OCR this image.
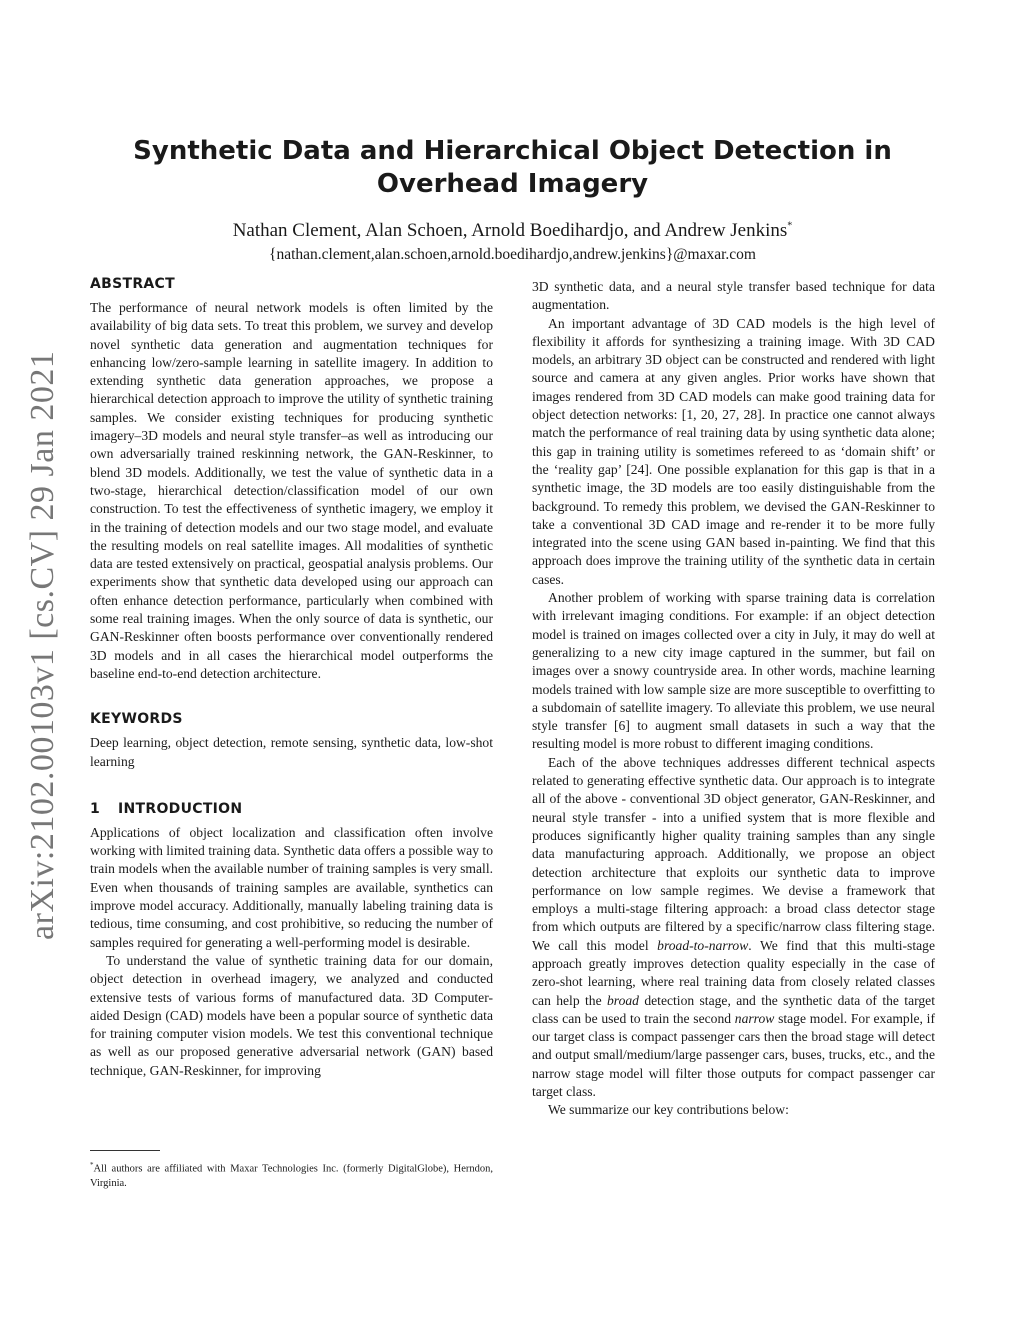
arXiv:2102.00103v1 [cs.CV] 29 Jan 2021
Synthetic Data and Hierarchical Object Detection in
Overhead Imagery
Nathan Clement, Alan Schoen, Arnold Boedihardjo, and Andrew Jenkins*
{nathan.clement,alan.schoen,arnold.boedihardjo,andrew.jenkins}@maxar.com
ABSTRACT

The performance of neural network models is often limited by the availability of big data sets. To treat this problem, we survey and develop novel synthetic data generation and augmentation techniques for enhancing low/zero-sample learning in satellite imagery. In addition to extending synthetic data generation approaches, we propose a hierarchical detection approach to improve the utility of synthetic training samples. We consider existing techniques for producing synthetic imagery–3D models and neural style transfer–as well as introducing our own adversarially trained reskinning network, the GAN-Reskinner, to blend 3D models. Additionally, we test the value of synthetic data in a two-stage, hierarchical detection/classification model of our own construction. To test the effectiveness of synthetic imagery, we employ it in the training of detection models and our two stage model, and evaluate the resulting models on real satellite images. All modalities of synthetic data are tested extensively on practical, geospatial analysis problems. Our experiments show that synthetic data developed using our approach can often enhance detection performance, particularly when combined with some real training images. When the only source of data is synthetic, our GAN-Reskinner often boosts performance over conventionally rendered 3D models and in all cases the hierarchical model outperforms the baseline end-to-end detection architecture.

KEYWORDS

Deep learning, object detection, remote sensing, synthetic data, low-shot learning

1 INTRODUCTION

Applications of object localization and classification often involve working with limited training data. Synthetic data offers a possible way to train models when the available number of training samples is very small. Even when thousands of training samples are available, synthetics can improve model accuracy. Additionally, manually labeling training data is tedious, time consuming, and cost prohibitive, so reducing the number of samples required for generating a well-performing model is desirable.

To understand the value of synthetic training data for our domain, object detection in overhead imagery, we analyzed and conducted extensive tests of various forms of manufactured data. 3D Computer-aided Design (CAD) models have been a popular source of synthetic data for training computer vision models. We test this conventional technique as well as our proposed generative adversarial network (GAN) based technique, GAN-Reskinner, for improving

*All authors are affiliated with Maxar Technologies Inc. (formerly DigitalGlobe), Herndon, Virginia.

3D synthetic data, and a neural style transfer based technique for data augmentation.

An important advantage of 3D CAD models is the high level of flexibility it affords for synthesizing a training image. With 3D CAD models, an arbitrary 3D object can be constructed and rendered with light source and camera at any given angles. Prior works have shown that images rendered from 3D CAD models can make good training data for object detection networks: [1, 20, 27, 28]. In practice one cannot always match the performance of real training data by using synthetic data alone; this gap in training utility is sometimes refereed to as ‘domain shift’ or the ‘reality gap’ [24]. One possible explanation for this gap is that in a synthetic image, the 3D models are too easily distinguishable from the background. To remedy this problem, we devised the GAN-Reskinner to take a conventional 3D CAD image and re-render it to be more fully integrated into the scene using GAN based in-painting. We find that this approach does improve the training utility of the synthetic data in certain cases.

Another problem of working with sparse training data is correlation with irrelevant imaging conditions. For example: if an object detection model is trained on images collected over a city in July, it may do well at generalizing to a new city image captured in the summer, but fail on images over a snowy countryside area. In other words, machine learning models trained with low sample size are more susceptible to overfitting to a subdomain of satellite imagery. To alleviate this problem, we use neural style transfer [6] to augment small datasets in such a way that the resulting model is more robust to different imaging conditions.

Each of the above techniques addresses different technical aspects related to generating effective synthetic data. Our approach is to integrate all of the above - conventional 3D object generator, GAN-Reskinner, and neural style transfer - into a unified system that is more flexible and produces significantly higher quality training samples than any single data manufacturing approach. Additionally, we propose an object detection architecture that exploits our synthetic data to improve performance on low sample regimes. We devise a framework that employs a multi-stage filtering approach: a broad class detector stage from which outputs are filtered by a specific/narrow class filtering stage. We call this model broad-to-narrow. We find that this multi-stage approach greatly improves detection quality especially in the case of zero-shot learning, where real training data from closely related classes can help the broad detection stage, and the synthetic data of the target class can be used to train the second narrow stage model. For example, if our target class is compact passenger cars then the broad stage will detect and output small/medium/large passenger cars, buses, trucks, etc., and the narrow stage model will filter those outputs for compact passenger car target class.

We summarize our key contributions below:
